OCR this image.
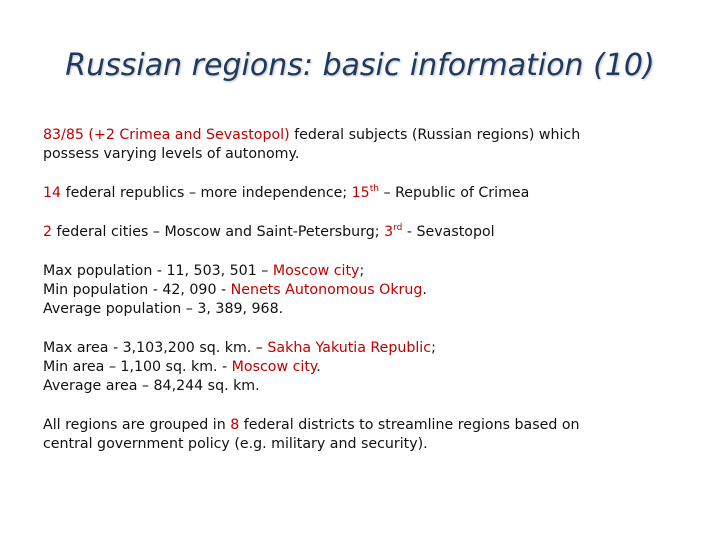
Russian regions: basic information (10)
83/85 (+2 Crimea and Sevastopol) federal subjects (Russian regions) which
possess varying levels of autonomy.
14 federal republics – more independence; 15th – Republic of Crimea
2 federal cities – Moscow and Saint-Petersburg; 3rd - Sevastopol
Max population - 11, 503, 501 – Moscow city;
Min population - 42, 090 - Nenets Autonomous Okrug.
Average population – 3, 389, 968.
Max area - 3,103,200 sq. km. – Sakha Yakutia Republic;
Min area – 1,100 sq. km. - Moscow city.
Average area – 84,244 sq. km.
All regions are grouped in 8 federal districts to streamline regions based on
central government policy (e.g. military and security).
